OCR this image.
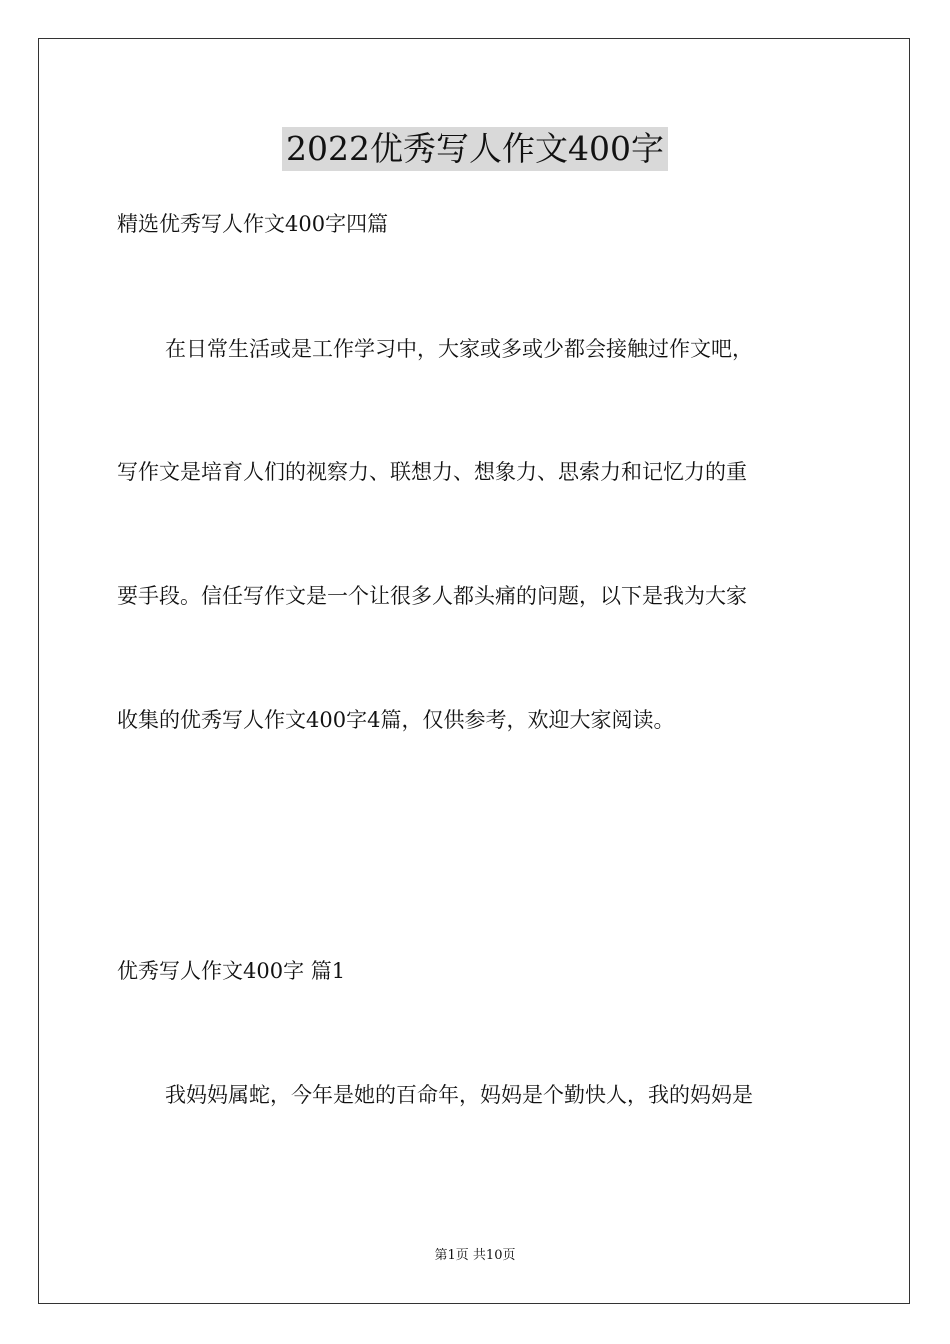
2022优秀写人作文400字
精选优秀写人作文400字四篇
在日常生活或是工作学习中，大家或多或少都会接触过作文吧，
写作文是培育人们的视察力、联想力、想象力、思索力和记忆力的重
要手段。信任写作文是一个让很多人都头痛的问题，以下是我为大家
收集的优秀写人作文400字4篇，仅供参考，欢迎大家阅读。
优秀写人作文400字 篇1
我妈妈属蛇，今年是她的百命年，妈妈是个勤快人，我的妈妈是
第1页 共10页
